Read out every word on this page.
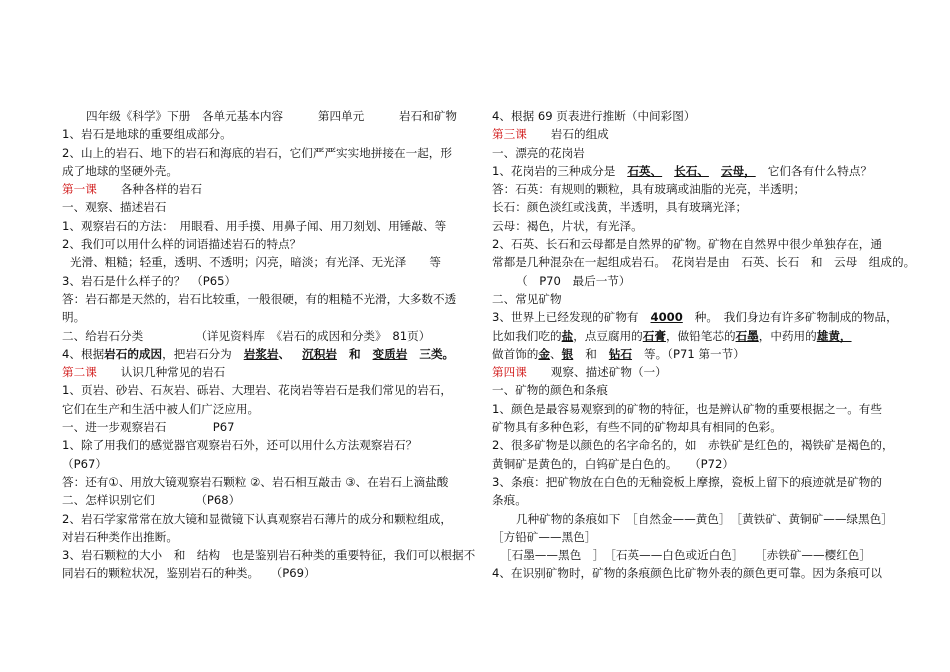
四年级《科学》下册　各单元基本内容　　　第四单元　　　岩石和矿物
1、岩石是地球的重要组成部分。
2、山上的岩石、地下的岩石和海底的岩石，它们严严实实地拼接在一起，形
成了地球的坚硬外壳。
第一课 各种各样的岩石
一、观察、描述岩石
1、观察岩石的方法：　用眼看、用手摸、用鼻子闻、用刀刻划、用锤敲、等
2、我们可以用什么样的词语描述岩石的特点？
光滑、粗糙；轻重，透明、不透明；闪亮，暗淡；有光泽、无光泽　　等
3、岩石是什么样子的？　（P65）
答：岩石都是天然的，岩石比较重，一般很硬，有的粗糙不光滑，大多数不透
明。
二、给岩石分类　　　　　（详见资料库　《岩石的成因和分类》　81页）
4、根据岩石的成因，把岩石分为 岩浆岩、 沉积岩 和 变质岩 三类。
第二课 认识几种常见的岩石
1、页岩、砂岩、石灰岩、砾岩、大理岩、花岗岩等岩石是我们常见的岩石，
它们在生产和生活中被人们广泛应用。
一、进一步观察岩石　　　　P67
1、除了用我们的感觉器官观察岩石外，还可以用什么方法观察岩石？
（P67）
答：还有①、用放大镜观察岩石颗粒 ②、岩石相互敲击 ③、在岩石上滴盐酸
二、怎样识别它们　　　　（P68）
2、岩石学家常常在放大镜和显微镜下认真观察岩石薄片的成分和颗粒组成，
对岩石种类作出推断。
3、岩石颗粒的大小　和　结构　也是鉴别岩石种类的重要特征，我们可以根据不
同岩石的颗粒状况，鉴别岩石的种类。　　（P69）
4、根据 69 页表进行推断（中间彩图）
第三课 岩石的组成
一、漂亮的花岗岩
1、花岗岩的三种成分是 石英、 长石、 云母， 它们各有什么特点？
答：石英：有规则的颗粒，具有玻璃或油脂的光亮，半透明；
长石：颜色淡红或浅黄，半透明，具有玻璃光泽；
云母：褐色，片状，有光泽。
2、石英、长石和云母都是自然界的矿物。矿物在自然界中很少单独存在，通
常都是几种混杂在一起组成岩石。　花岗岩是由　石英、长石　和　云母　组成的。
（　P70　最后一节）
二、常见矿物
3、世界上已经发现的矿物有 4000 种。　我们身边有许多矿物制成的物品，
比如我们吃的盐，点豆腐用的石膏，做铅笔芯的石墨，中药用的雄黄，
做首饰的金、银 和 钻石 等。（P71 第一节）
第四课 观察、描述矿物（一）
一、矿物的颜色和条痕
1、颜色是最容易观察到的矿物的特征，也是辨认矿物的重要根据之一。有些
矿物具有多种色彩，有些不同的矿物却具有相同的色彩。
2、很多矿物是以颜色的名字命名的，如　赤铁矿是红色的，褐铁矿是褐色的，
黄铜矿是黄色的，白钨矿是白色的。　　（P72）
3、条痕：把矿物放在白色的无釉瓷板上摩擦，瓷板上留下的痕迹就是矿物的
条痕。
几种矿物的条痕如下　［自然金——黄色］　［黄铁矿、黄铜矿——绿黑色］
［方铅矿——黑色］
［石墨——黑色　］　［石英——白色或近白色］　　［赤铁矿——樱红色］
4、在识别矿物时，矿物的条痕颜色比矿物外表的颜色更可靠。因为条痕可以
